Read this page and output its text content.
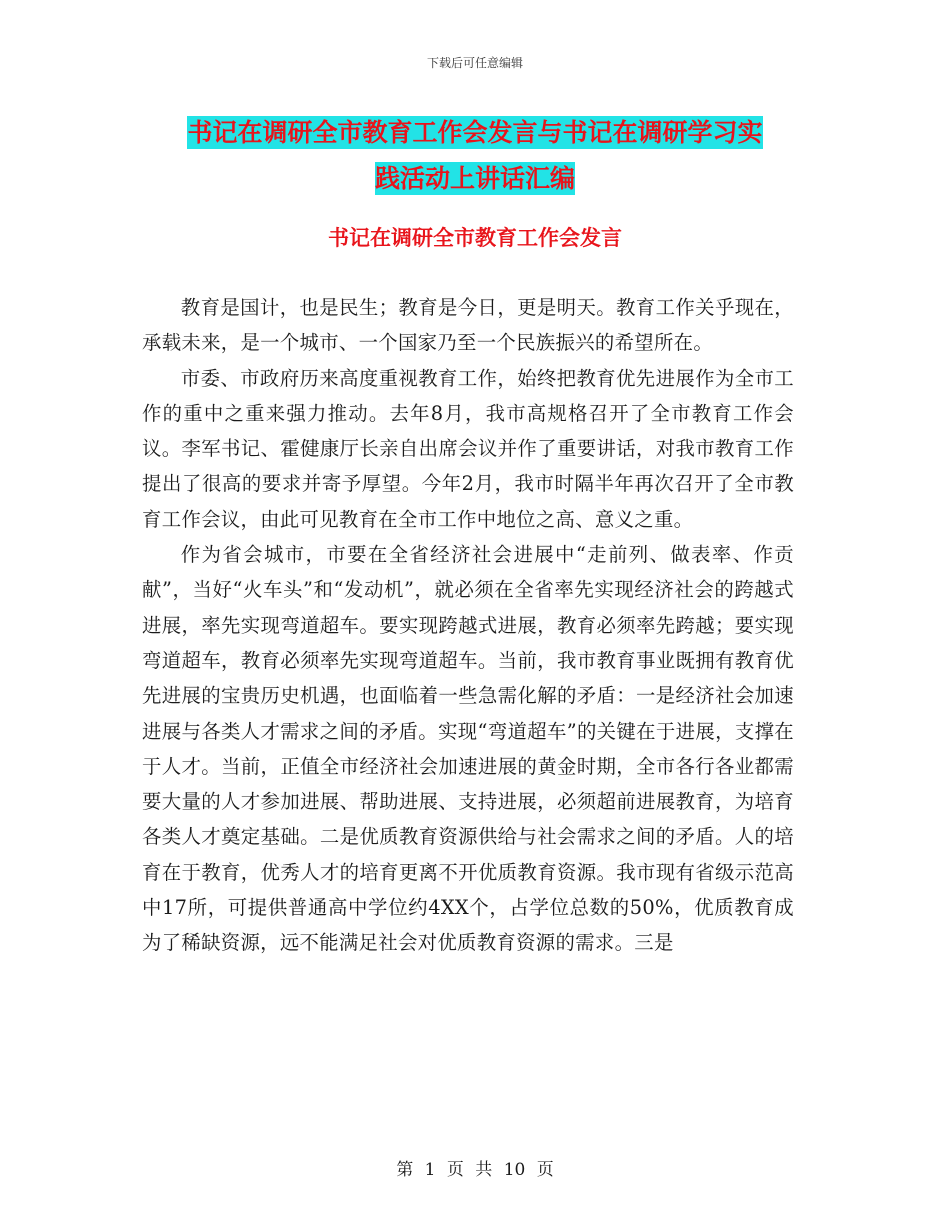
下载后可任意编辑
书记在调研全市教育工作会发言与书记在调研学习实
践活动上讲话汇编
书记在调研全市教育工作会发言

教育是国计，也是民生；教育是今日，更是明天。教育工作关乎现在，承载未来，是一个城市、一个国家乃至一个民族振兴的希望所在。

市委、市政府历来高度重视教育工作，始终把教育优先进展作为全市工作的重中之重来强力推动。去年8月，我市高规格召开了全市教育工作会议。李军书记、霍健康厅长亲自出席会议并作了重要讲话，对我市教育工作提出了很高的要求并寄予厚望。今年2月，我市时隔半年再次召开了全市教育工作会议，由此可见教育在全市工作中地位之高、意义之重。

作为省会城市，市要在全省经济社会进展中“走前列、做表率、作贡献”，当好“火车头”和“发动机”，就必须在全省率先实现经济社会的跨越式进展，率先实现弯道超车。要实现跨越式进展，教育必须率先跨越；要实现弯道超车，教育必须率先实现弯道超车。当前，我市教育事业既拥有教育优先进展的宝贵历史机遇，也面临着一些急需化解的矛盾：一是经济社会加速进展与各类人才需求之间的矛盾。实现“弯道超车”的关键在于进展，支撑在于人才。当前，正值全市经济社会加速进展的黄金时期，全市各行各业都需要大量的人才参加进展、帮助进展、支持进展，必须超前进展教育，为培育各类人才奠定基础。二是优质教育资源供给与社会需求之间的矛盾。人的培育在于教育，优秀人才的培育更离不开优质教育资源。我市现有省级示范高中17所，可提供普通高中学位约4XX个，占学位总数的50%，优质教育成为了稀缺资源，远不能满足社会对优质教育资源的需求。三是

第 1 页 共 10 页
